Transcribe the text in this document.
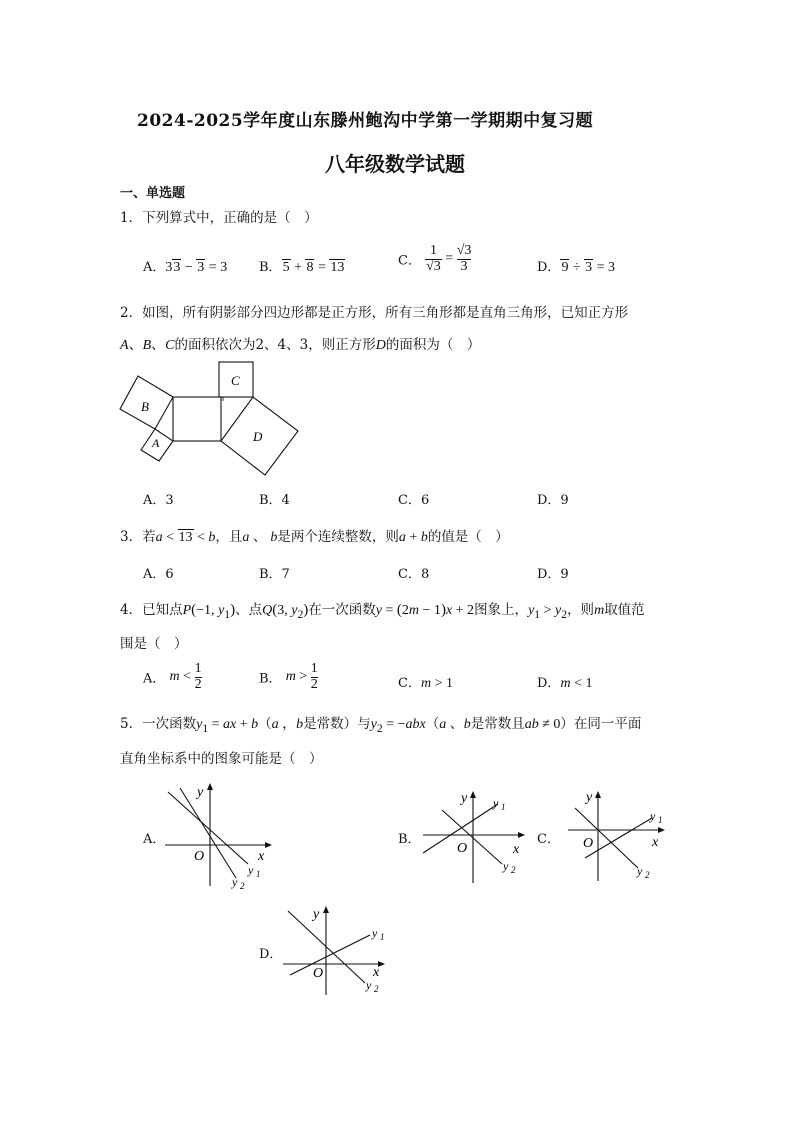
2024-2025学年度山东滕州鲍沟中学第一学期期中复习题
八年级数学试题
一、单选题
1．下列算式中，正确的是（　）
A．33 − 3 = 3 B．5 + 8 = 13	C． $\frac{1}{√3} = \frac{√3}{3}$	D．9 ÷ 3 = 3
2．如图，所有阴影部分四边形都是正方形，所有三角形都是直角三角形，已知正方形
A、B、C的面积依次为2、4、3，则正方形D的面积为（　）
B
A
C
D
A．3	B．4	C．6	D．9
3．若a < 13 < b，且a 、 b是两个连续整数，则a + b的值是（　）
A．6	B．7	C．8	D．9
4．已知点P(−1, $y_1$)、点Q(3, $y_2$)在一次函数y = (2m − 1)x + 2图象上，$y_1 > y_2$，则m取值范
围是（　）
A． $m < \frac{1}{2}$	B． $m > \frac{1}{2}$	C．m > 1	D．m < 1
5．一次函数$y_1$ = ax + b（a ，b是常数）与$y_2 = -abx(a$ 、b是常数且ab ≠ 0）在同一平面
直角坐标系中的图象可能是（　）
A．	B．	C．
D．
y
x
O
y 1
y 2
y
x
O
y 1
y 2
y
x
O
y 1
y 2
y
x
O
y 1
y 2
